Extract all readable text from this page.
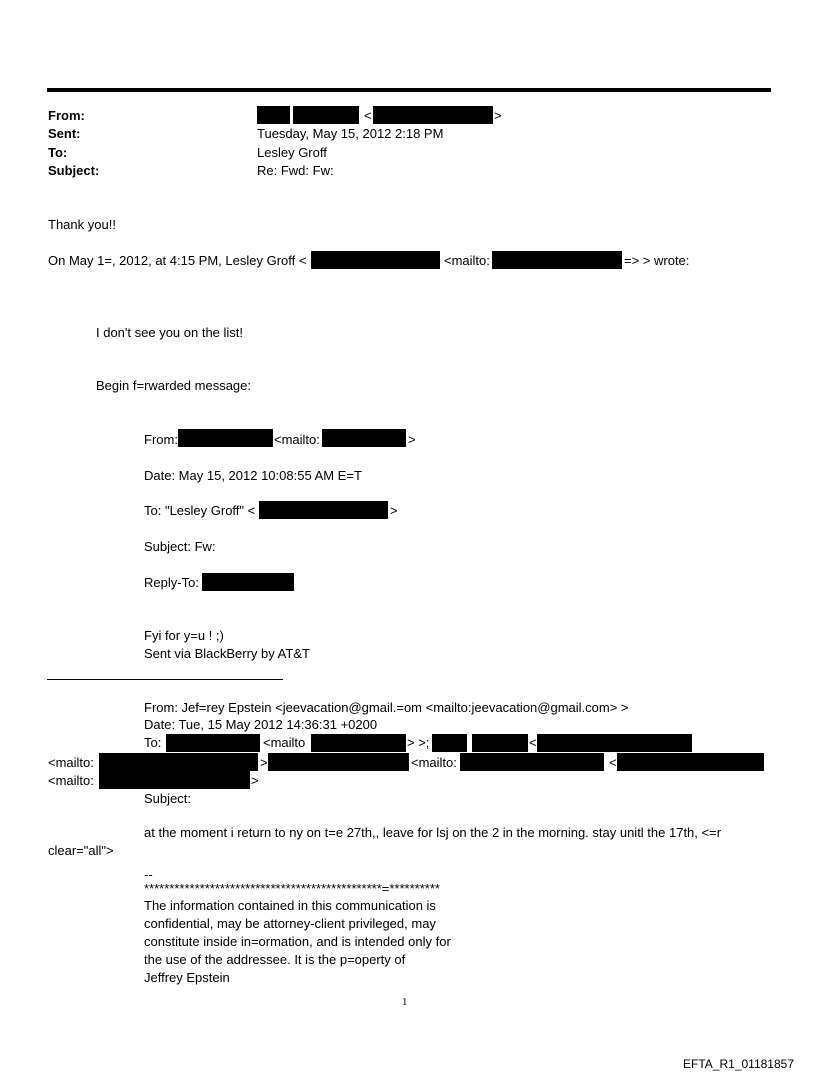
From:	<	>
Sent:	Tuesday, May 15, 2012 2:18 PM
To:	Lesley Groff
Subject:	Re: Fwd: Fw:
Thank you!!
On May 1=, 2012, at 4:15 PM, Lesley Groff <	<mailto:	=> > wrote:
I don't see you on the list!
Begin f=rwarded message:
From:	<mailto:	>
Date: May 15, 2012 10:08:55 AM E=T
To: "Lesley Groff" <	>
Subject: Fw:
Reply-To:
Fyi for y=u ! ;)
Sent via BlackBerry by AT&T
From: Jef=rey Epstein <jeevacation@gmail.=om <mailto:jeevacation@gmail.com> >
Date: Tue, 15 May 2012 14:36:31 +0200
To:	<mailto	> >;	<
<mailto:	>	<mailto:	<
<mailto:	>
Subject:
at the moment i return to ny on t=e 27th,, leave for lsj on the 2 in the morning. stay unitl the 17th, <=r
clear="all">
--
***********************************************=**********
The information contained in this communication is
confidential, may be attorney-client privileged, may
constitute inside in=ormation, and is intended only for
the use of the addressee. It is the p=operty of
Jeffrey Epstein
1
EFTA_R1_01181857
